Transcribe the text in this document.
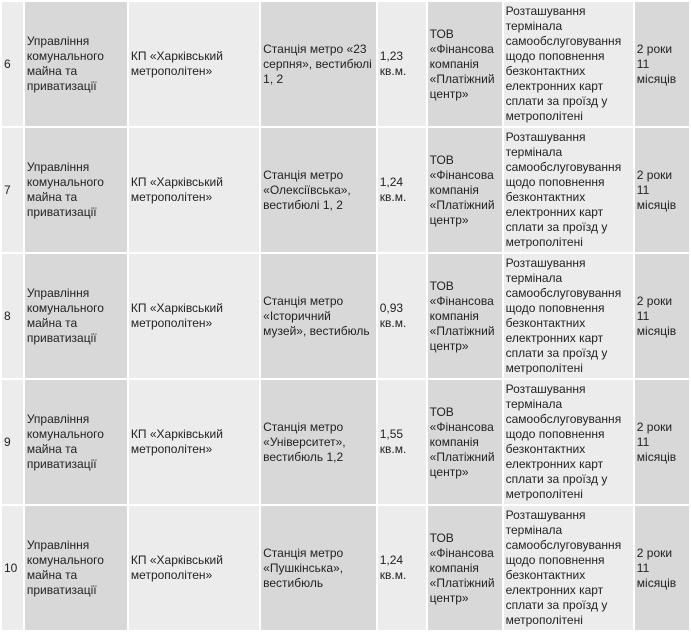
6	Управління комунального майна та приватизації	КП «Харківський метрополітен»	Станція метро «23 серпня», вестибюлі 1, 2	1,23 кв.м.	ТОВ «Фінансова компанія «Платіжний центр»	Розташування термінала самообслуговування щодо поповнення безконтактних електронних карт сплати за проїзд у метрополітені	2 роки 11 місяців

7	Управління комунального майна та приватизації	КП «Харківський метрополітен»	Станція метро «Олексіївська», вестибюлі 1, 2	1,24 кв.м.	ТОВ «Фінансова компанія «Платіжний центр»	Розташування термінала самообслуговування щодо поповнення безконтактних електронних карт сплати за проїзд у метрополітені	2 роки 11 місяців

8	Управління комунального майна та приватизації	КП «Харківський метрополітен»	Станція метро «Історичний музей», вестибюль	0,93 кв.м.	ТОВ «Фінансова компанія «Платіжний центр»	Розташування термінала самообслуговування щодо поповнення безконтактних електронних карт сплати за проїзд у метрополітені	2 роки 11 місяців

9	Управління комунального майна та приватизації	КП «Харківський метрополітен»	Станція метро «Університет», вестибюль 1,2	1,55 кв.м.	ТОВ «Фінансова компанія «Платіжний центр»	Розташування термінала самообслуговування щодо поповнення безконтактних електронних карт сплати за проїзд у метрополітені	2 роки 11 місяців

10	Управління комунального майна та приватизації	КП «Харківський метрополітен»	Станція метро «Пушкінська», вестибюль	1,24 кв.м.	ТОВ «Фінансова компанія «Платіжний центр»	Розташування термінала самообслуговування щодо поповнення безконтактних електронних карт сплати за проїзд у метрополітені	2 роки 11 місяців
